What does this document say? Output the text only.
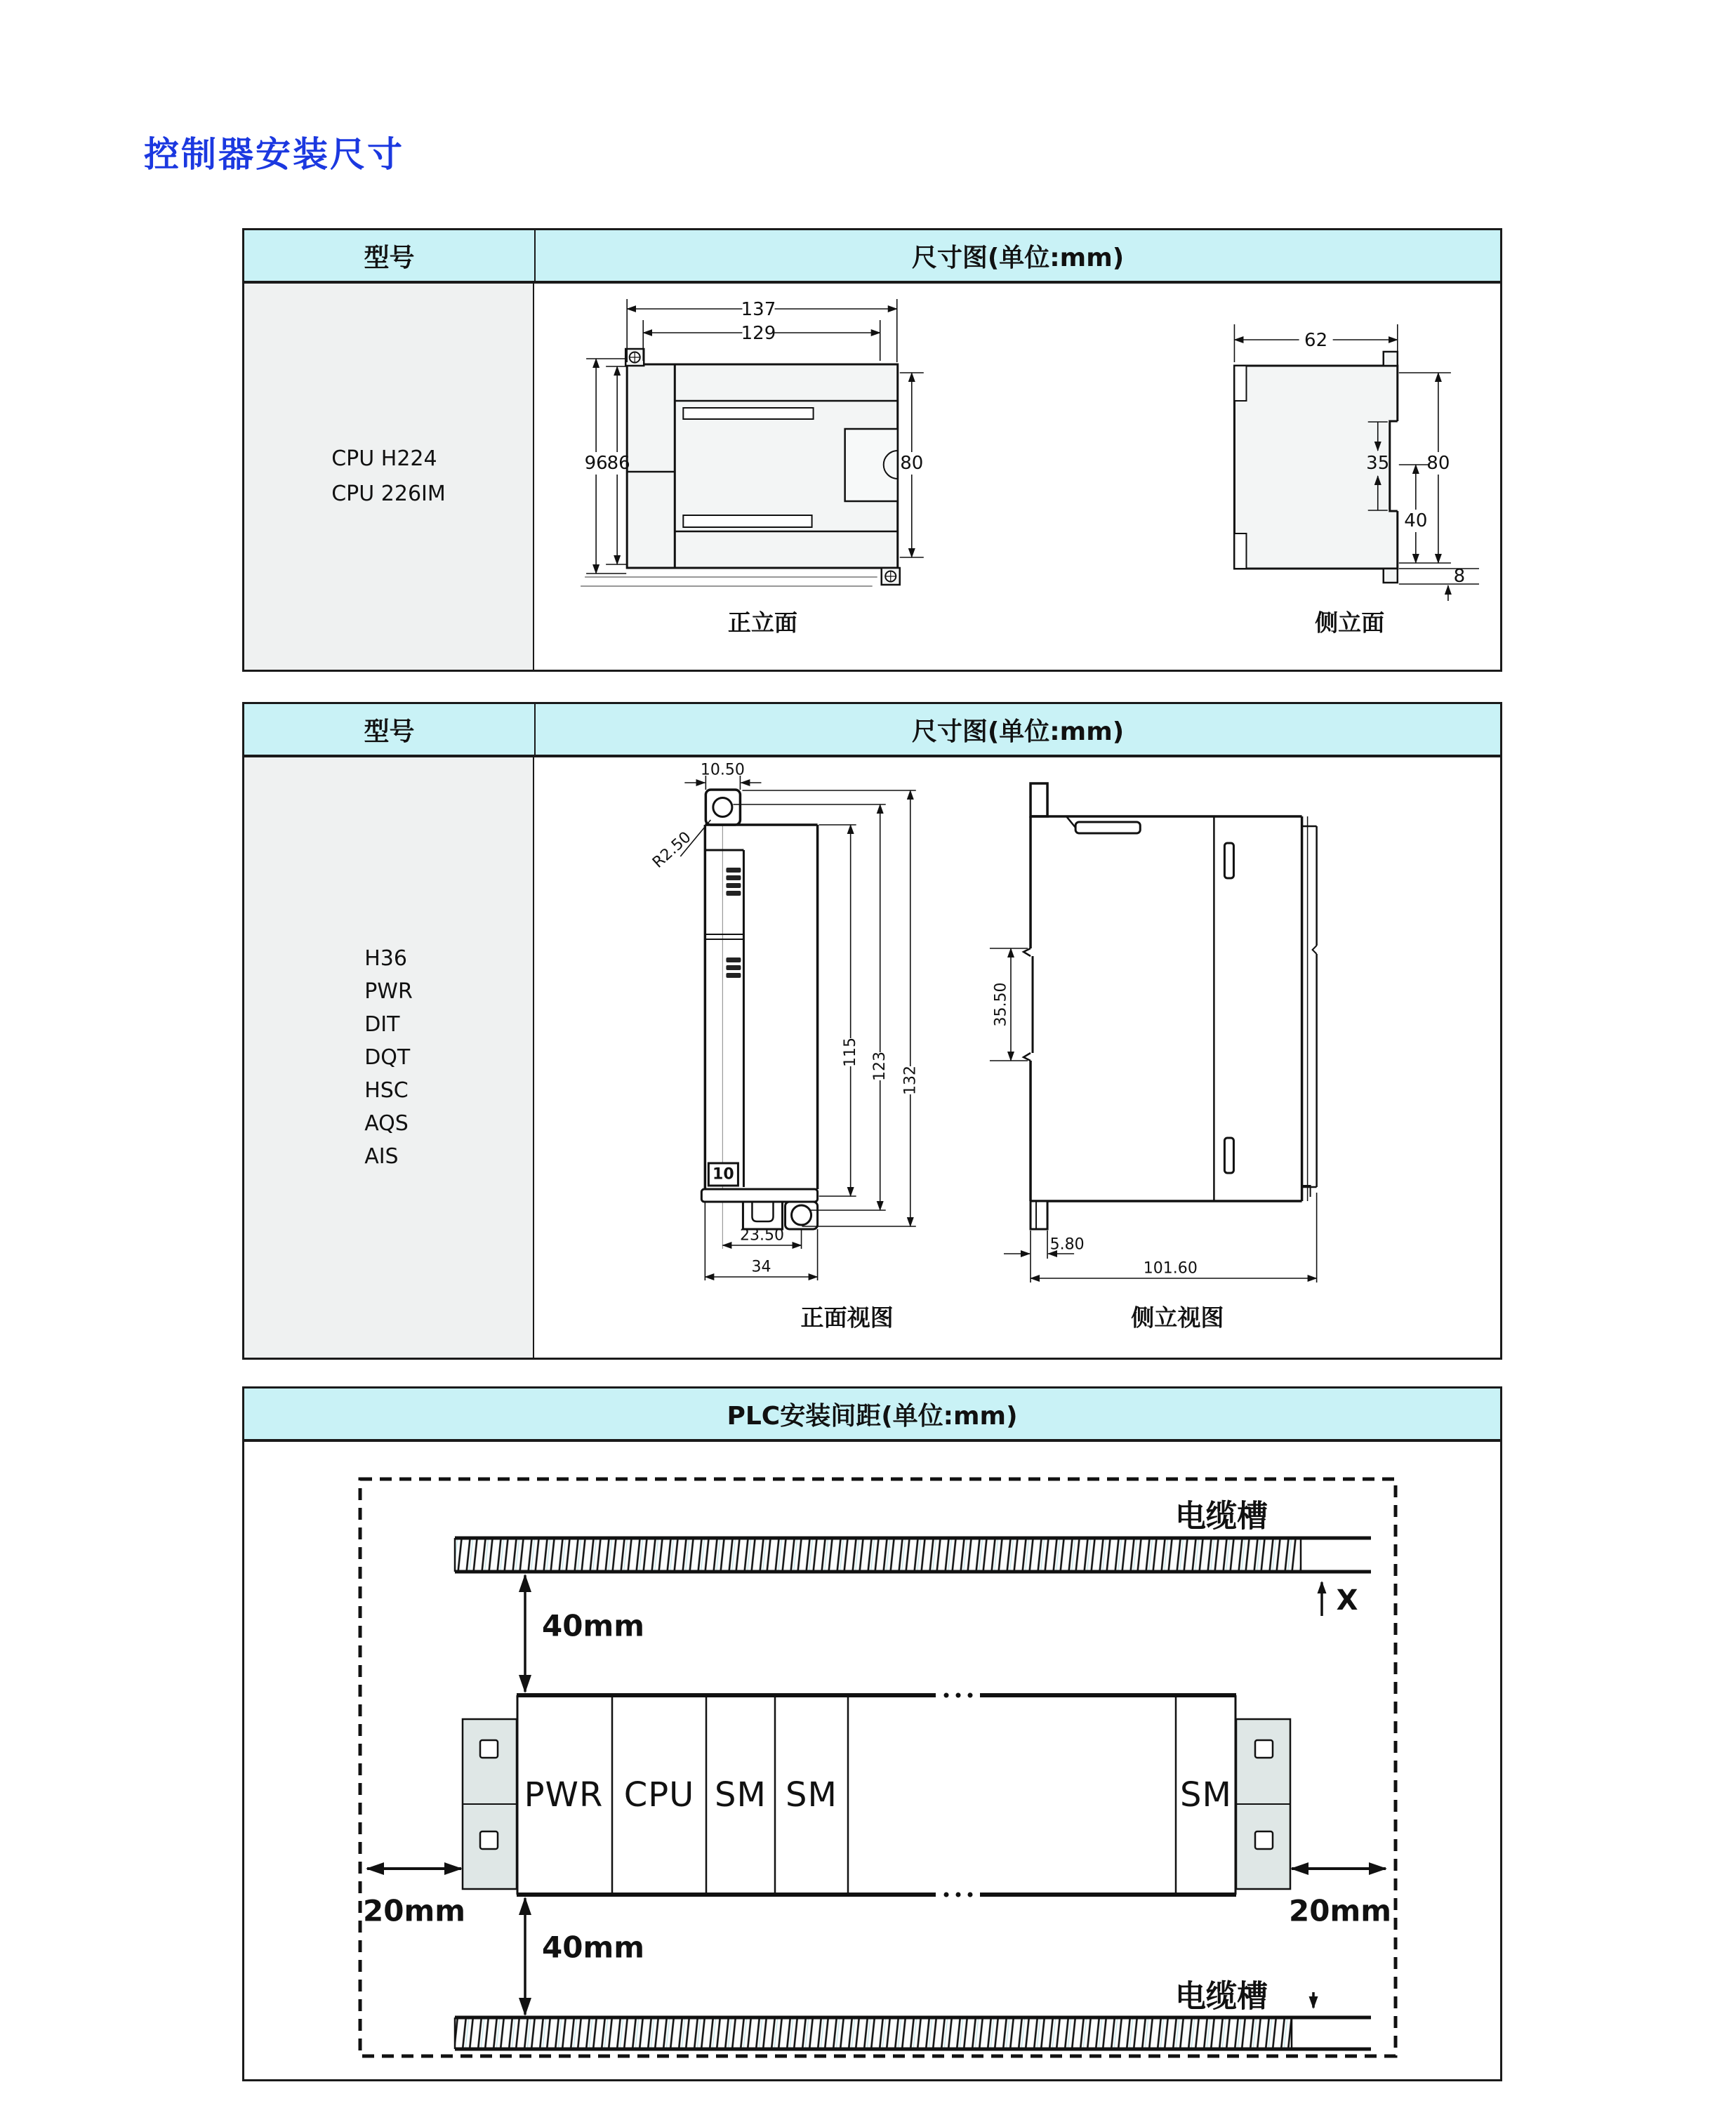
控制器安装尺寸
型号	尺寸图(单位:mm)
CPU H224
CPU 226IM
137
129
96
86	80
正立面
62
35 80
40
8
侧立面
型号	尺寸图(单位:mm)
H36
PWR
DIT
DQT
HSC
AQS
AIS
10.50
R2.50
115 123 132
10
23.50
34
正面视图
35.50
5.80
101.60
侧立视图
PLC安装间距(单位:mm)
电缆槽
X
40mm
PWR CPU SM SM	SM
20mm	20mm
40mm
电缆槽
